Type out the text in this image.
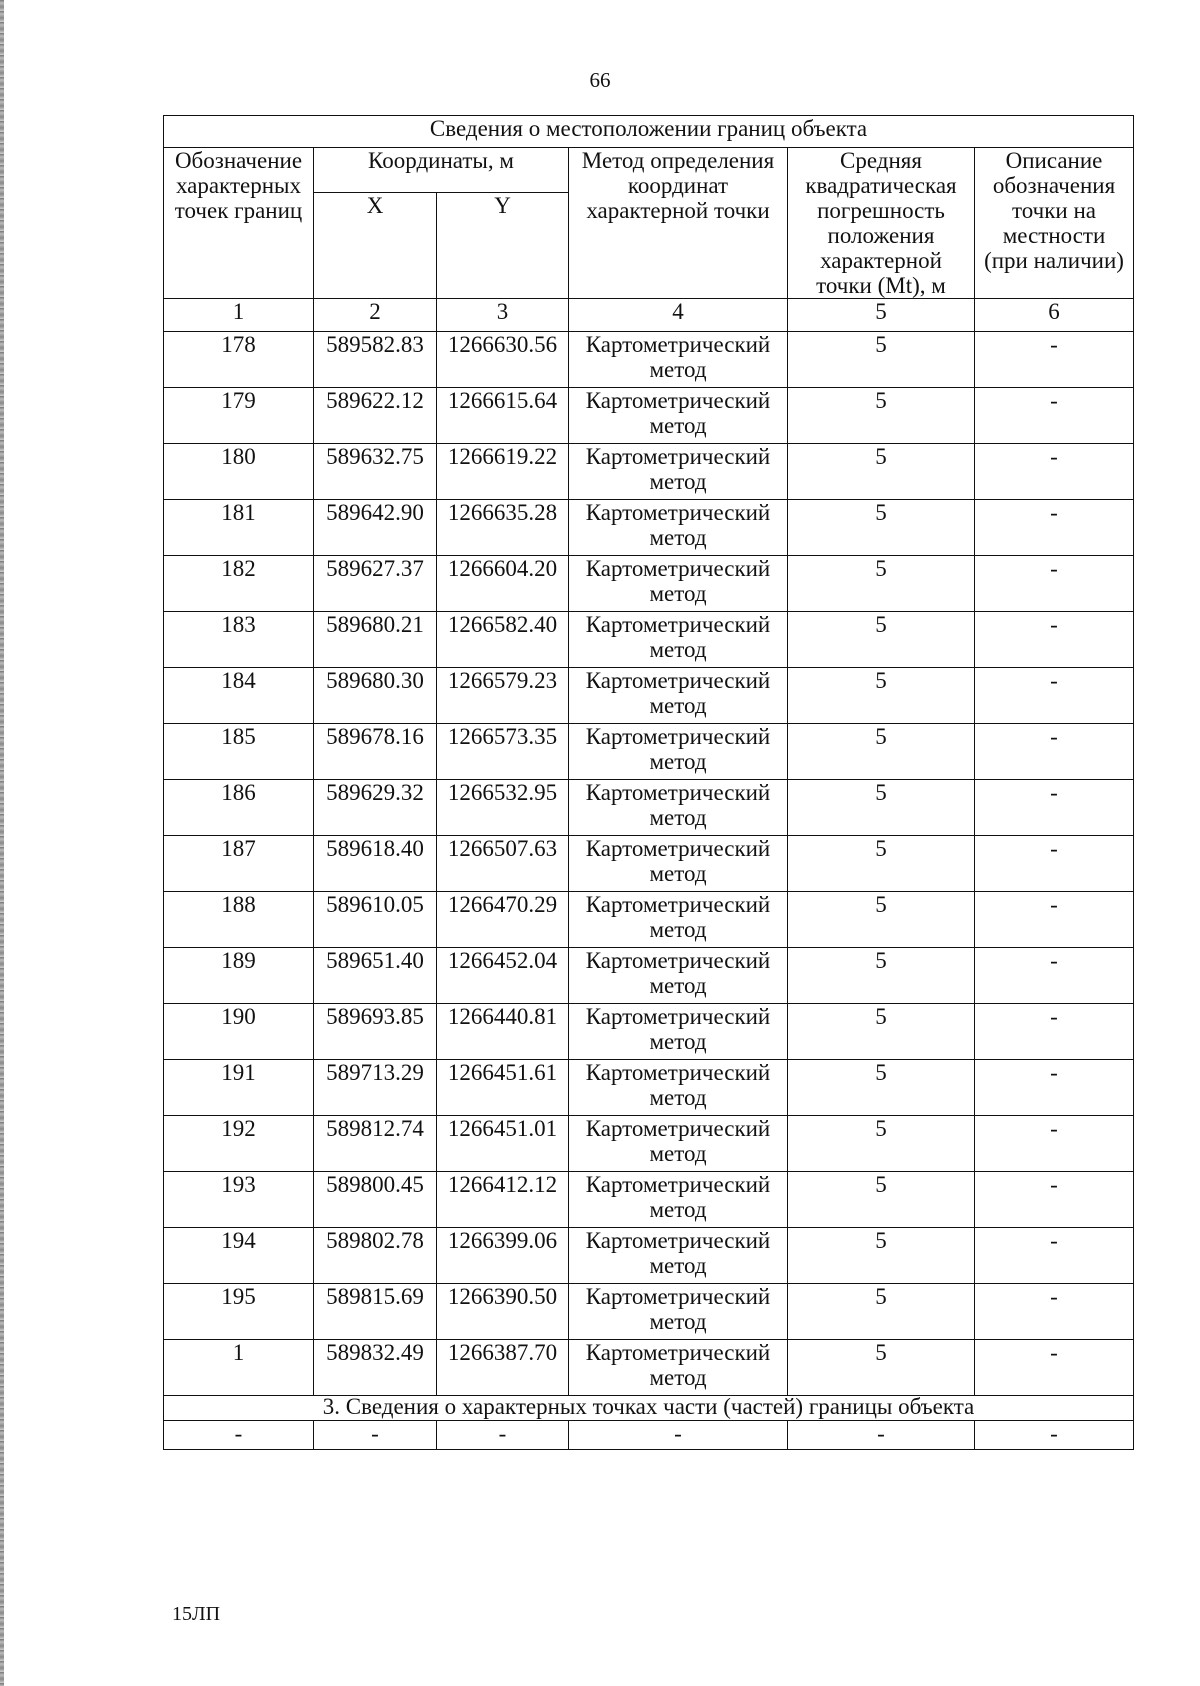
66
Сведения о местоположении границ объекта					
Обозначение характерных точек границ	Координаты, м		Метод определения координат характерной точки	Средняя квадратическая погрешность положения характерной точки (Mt), м	Описание обозначения точки на местности (при наличии)
	X	Y			
1	2	3	4	5	6
178	589582.83	1266630.56	Картометрический метод	5	-
179	589622.12	1266615.64	Картометрический метод	5	-
180	589632.75	1266619.22	Картометрический метод	5	-
181	589642.90	1266635.28	Картометрический метод	5	-
182	589627.37	1266604.20	Картометрический метод	5	-
183	589680.21	1266582.40	Картометрический метод	5	-
184	589680.30	1266579.23	Картометрический метод	5	-
185	589678.16	1266573.35	Картометрический метод	5	-
186	589629.32	1266532.95	Картометрический метод	5	-
187	589618.40	1266507.63	Картометрический метод	5	-
188	589610.05	1266470.29	Картометрический метод	5	-
189	589651.40	1266452.04	Картометрический метод	5	-
190	589693.85	1266440.81	Картометрический метод	5	-
191	589713.29	1266451.61	Картометрический метод	5	-
192	589812.74	1266451.01	Картометрический метод	5	-
193	589800.45	1266412.12	Картометрический метод	5	-
194	589802.78	1266399.06	Картометрический метод	5	-
195	589815.69	1266390.50	Картометрический метод	5	-
1	589832.49	1266387.70	Картометрический метод	5	-
3. Сведения о характерных точках части (частей) границы объекта					
-	-	-	-	-	-
15ЛП
